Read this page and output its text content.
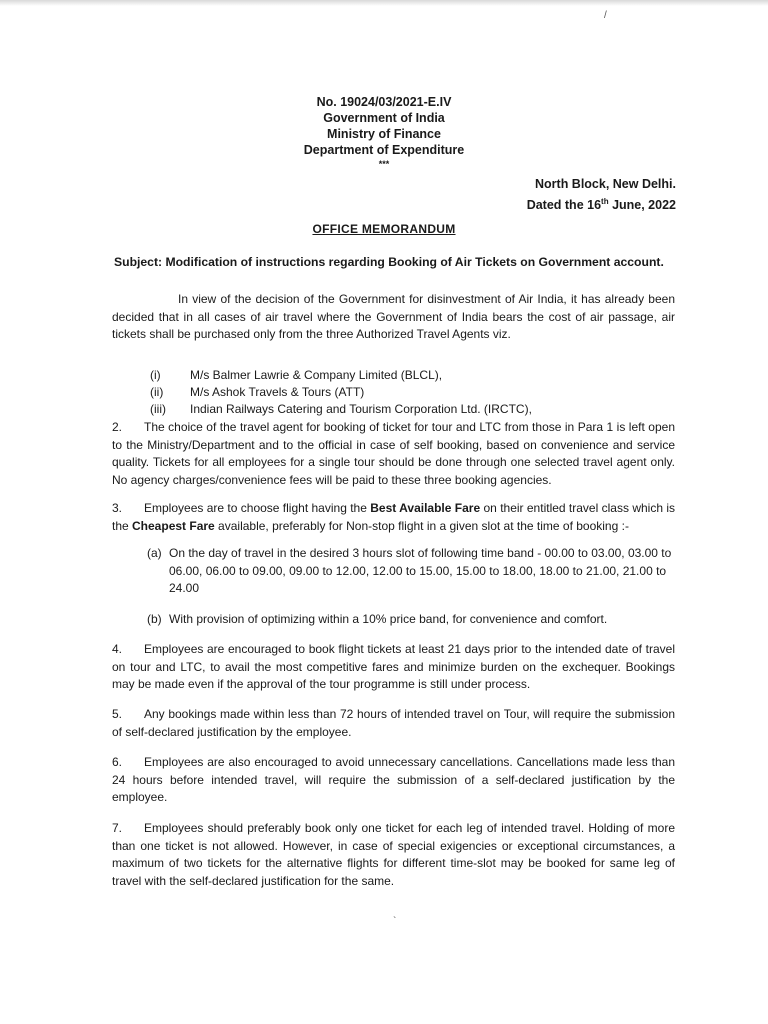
No. 19024/03/2021-E.IV
Government of India
Ministry of Finance
Department of Expenditure
***
North Block, New Delhi.
Dated the 16th June, 2022
OFFICE MEMORANDUM
Subject: Modification of instructions regarding Booking of Air Tickets on Government account.
In view of the decision of the Government for disinvestment of Air India, it has already been decided that in all cases of air travel where the Government of India bears the cost of air passage, air tickets shall be purchased only from the three Authorized Travel Agents viz.
(i)	M/s Balmer Lawrie & Company Limited (BLCL),
(ii)	M/s Ashok Travels & Tours (ATT)
(iii)	Indian Railways Catering and Tourism Corporation Ltd. (IRCTC),
2. The choice of the travel agent for booking of ticket for tour and LTC from those in Para 1 is left open to the Ministry/Department and to the official in case of self booking, based on convenience and service quality. Tickets for all employees for a single tour should be done through one selected travel agent only. No agency charges/convenience fees will be paid to these three booking agencies.
3. Employees are to choose flight having the Best Available Fare on their entitled travel class which is the Cheapest Fare available, preferably for Non-stop flight in a given slot at the time of booking :-
(a) On the day of travel in the desired 3 hours slot of following time band - 00.00 to 03.00, 03.00 to 06.00, 06.00 to 09.00, 09.00 to 12.00, 12.00 to 15.00, 15.00 to 18.00, 18.00 to 21.00, 21.00 to 24.00
(b) With provision of optimizing within a 10% price band, for convenience and comfort.
4. Employees are encouraged to book flight tickets at least 21 days prior to the intended date of travel on tour and LTC, to avail the most competitive fares and minimize burden on the exchequer. Bookings may be made even if the approval of the tour programme is still under process.
5. Any bookings made within less than 72 hours of intended travel on Tour, will require the submission of self-declared justification by the employee.
6. Employees are also encouraged to avoid unnecessary cancellations. Cancellations made less than 24 hours before intended travel, will require the submission of a self-declared justification by the employee.
7. Employees should preferably book only one ticket for each leg of intended travel. Holding of more than one ticket is not allowed. However, in case of special exigencies or exceptional circumstances, a maximum of two tickets for the alternative flights for different time-slot may be booked for same leg of travel with the self-declared justification for the same.
/
`
